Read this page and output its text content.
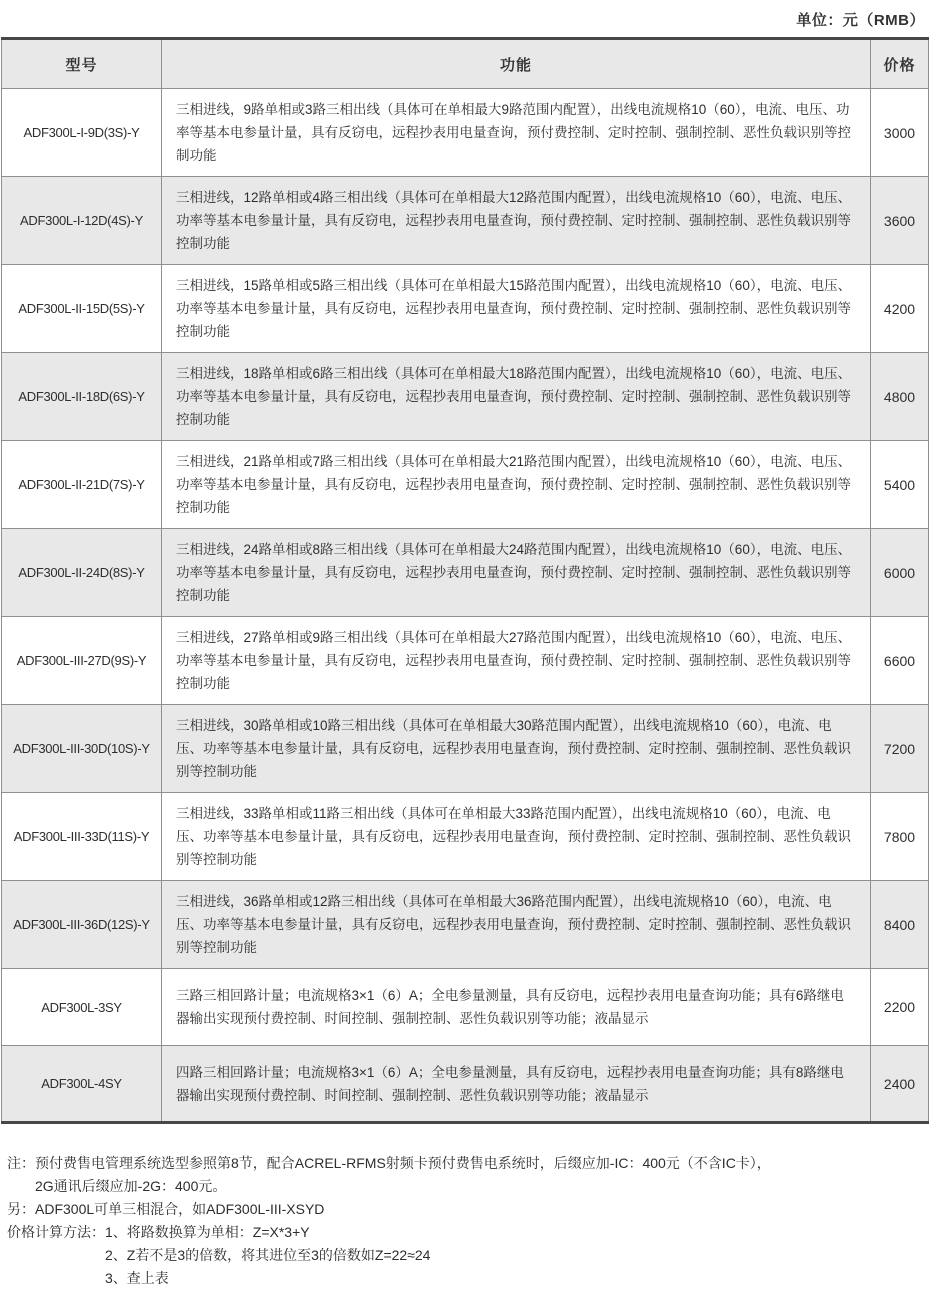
单位：元（RMB）
型号	功能	价格
ADF300L-I-9D(3S)-Y	三相进线，9路单相或3路三相出线（具体可在单相最大9路范围内配置），出线电流规格10（60），电流、电压、功率等基本电参量计量，具有反窃电，远程抄表用电量查询，预付费控制、定时控制、强制控制、恶性负载识别等控制功能	3000
ADF300L-I-12D(4S)-Y	三相进线，12路单相或4路三相出线（具体可在单相最大12路范围内配置），出线电流规格10（60），电流、电压、功率等基本电参量计量，具有反窃电，远程抄表用电量查询，预付费控制、定时控制、强制控制、恶性负载识别等控制功能	3600
ADF300L-II-15D(5S)-Y	三相进线，15路单相或5路三相出线（具体可在单相最大15路范围内配置），出线电流规格10（60），电流、电压、功率等基本电参量计量，具有反窃电，远程抄表用电量查询，预付费控制、定时控制、强制控制、恶性负载识别等控制功能	4200
ADF300L-II-18D(6S)-Y	三相进线，18路单相或6路三相出线（具体可在单相最大18路范围内配置），出线电流规格10（60），电流、电压、功率等基本电参量计量，具有反窃电，远程抄表用电量查询，预付费控制、定时控制、强制控制、恶性负载识别等控制功能	4800
ADF300L-II-21D(7S)-Y	三相进线，21路单相或7路三相出线（具体可在单相最大21路范围内配置），出线电流规格10（60），电流、电压、功率等基本电参量计量，具有反窃电，远程抄表用电量查询，预付费控制、定时控制、强制控制、恶性负载识别等控制功能	5400
ADF300L-II-24D(8S)-Y	三相进线，24路单相或8路三相出线（具体可在单相最大24路范围内配置），出线电流规格10（60），电流、电压、功率等基本电参量计量，具有反窃电，远程抄表用电量查询，预付费控制、定时控制、强制控制、恶性负载识别等控制功能	6000
ADF300L-III-27D(9S)-Y	三相进线，27路单相或9路三相出线（具体可在单相最大27路范围内配置），出线电流规格10（60），电流、电压、功率等基本电参量计量，具有反窃电，远程抄表用电量查询，预付费控制、定时控制、强制控制、恶性负载识别等控制功能	6600
ADF300L-III-30D(10S)-Y	三相进线，30路单相或10路三相出线（具体可在单相最大30路范围内配置），出线电流规格10（60），电流、电压、功率等基本电参量计量，具有反窃电，远程抄表用电量查询，预付费控制、定时控制、强制控制、恶性负载识别等控制功能	7200
ADF300L-III-33D(11S)-Y	三相进线，33路单相或11路三相出线（具体可在单相最大33路范围内配置），出线电流规格10（60），电流、电压、功率等基本电参量计量，具有反窃电，远程抄表用电量查询，预付费控制、定时控制、强制控制、恶性负载识别等控制功能	7800
ADF300L-III-36D(12S)-Y	三相进线，36路单相或12路三相出线（具体可在单相最大36路范围内配置），出线电流规格10（60），电流、电压、功率等基本电参量计量，具有反窃电，远程抄表用电量查询，预付费控制、定时控制、强制控制、恶性负载识别等控制功能	8400
ADF300L-3SY	三路三相回路计量；电流规格3×1（6）A；全电参量测量，具有反窃电，远程抄表用电量查询功能；具有6路继电器输出实现预付费控制、时间控制、强制控制、恶性负载识别等功能；液晶显示	2200
ADF300L-4SY	四路三相回路计量；电流规格3×1（6）A；全电参量测量，具有反窃电，远程抄表用电量查询功能；具有8路继电器输出实现预付费控制、时间控制、强制控制、恶性负载识别等功能；液晶显示	2400
注： 预付费售电管理系统选型参照第8节，配合ACREL-RFMS射频卡预付费售电系统时，后缀应加-IC：400元（不含IC卡），
2G通讯后缀应加-2G：400元。
另： ADF300L可单三相混合，如ADF300L-III-XSYD
价格计算方法： 1、将路数换算为单相：Z=X*3+Y
2、Z若不是3的倍数，将其进位至3的倍数如Z=22≈24
3、查上表
